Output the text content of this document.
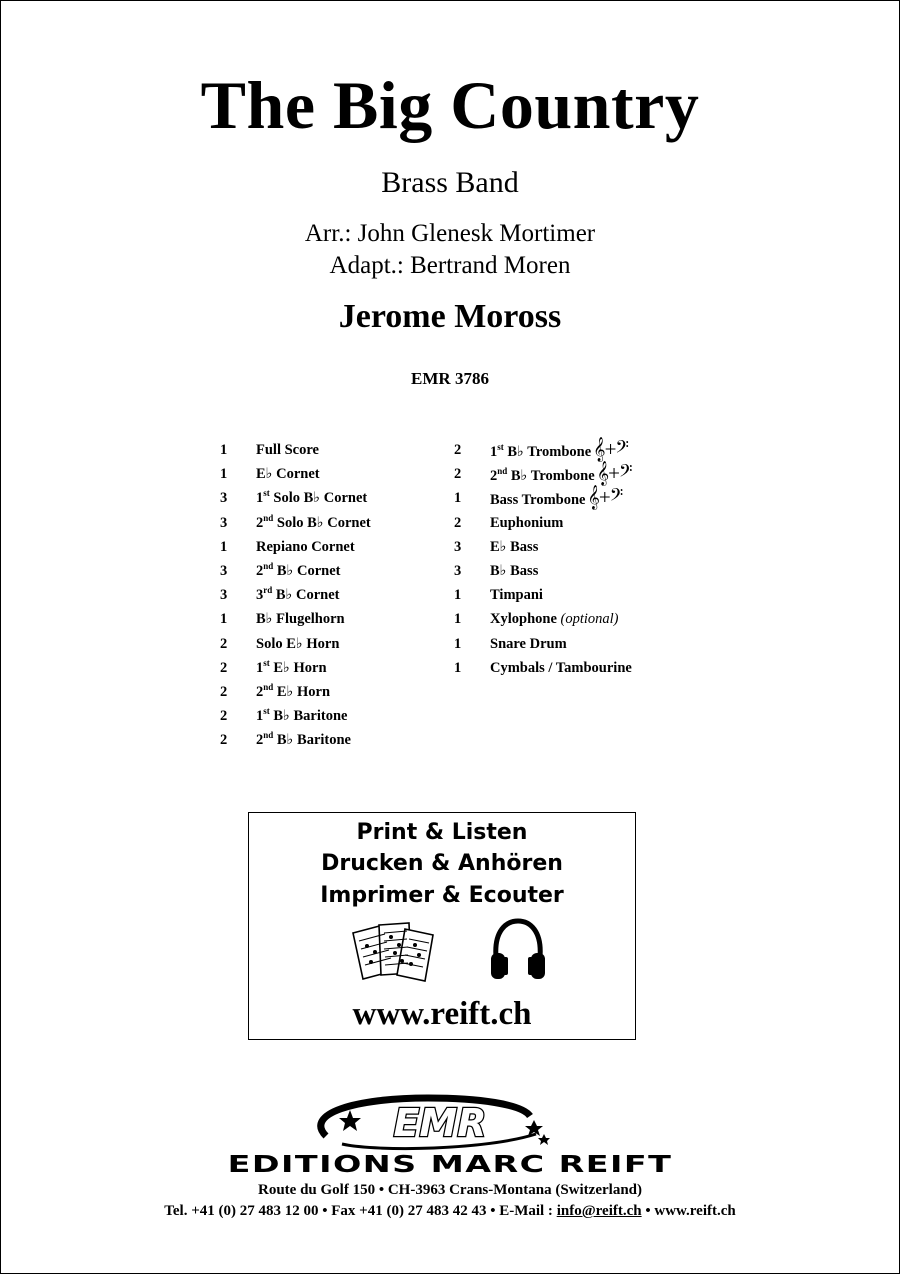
The Big Country
Brass Band
Arr.: John Glenesk Mortimer
Adapt.: Bertrand Moren
Jerome Moross
EMR 3786
1	Full Score
1	E♭ Cornet
3	1st Solo B♭ Cornet
3	2nd Solo B♭ Cornet
1	Repiano Cornet
3	2nd B♭ Cornet
3	3rd B♭ Cornet
1	B♭ Flugelhorn
2	Solo E♭ Horn
2	1st E♭ Horn
2	2nd E♭ Horn
2	1st B♭ Baritone
2	2nd B♭ Baritone
2	1st B♭ Trombone𝄞+𝄢
2	2nd B♭ Trombone𝄞+𝄢
1	Bass Trombone𝄞+𝄢
2	Euphonium
3	E♭ Bass
3	B♭ Bass
1	Timpani
1	Xylophone (optional)
1	Snare Drum
1	Cymbals / Tambourine
Print & Listen
Drucken & Anhören
Imprimer & Ecouter
www.reift.ch
EMR
EDITIONS MARC REIFT
Route du Golf 150 • CH-3963 Crans-Montana (Switzerland)
Tel. +41 (0) 27 483 12 00 • Fax +41 (0) 27 483 42 43 • E-Mail : info@reift.ch • www.reift.ch
